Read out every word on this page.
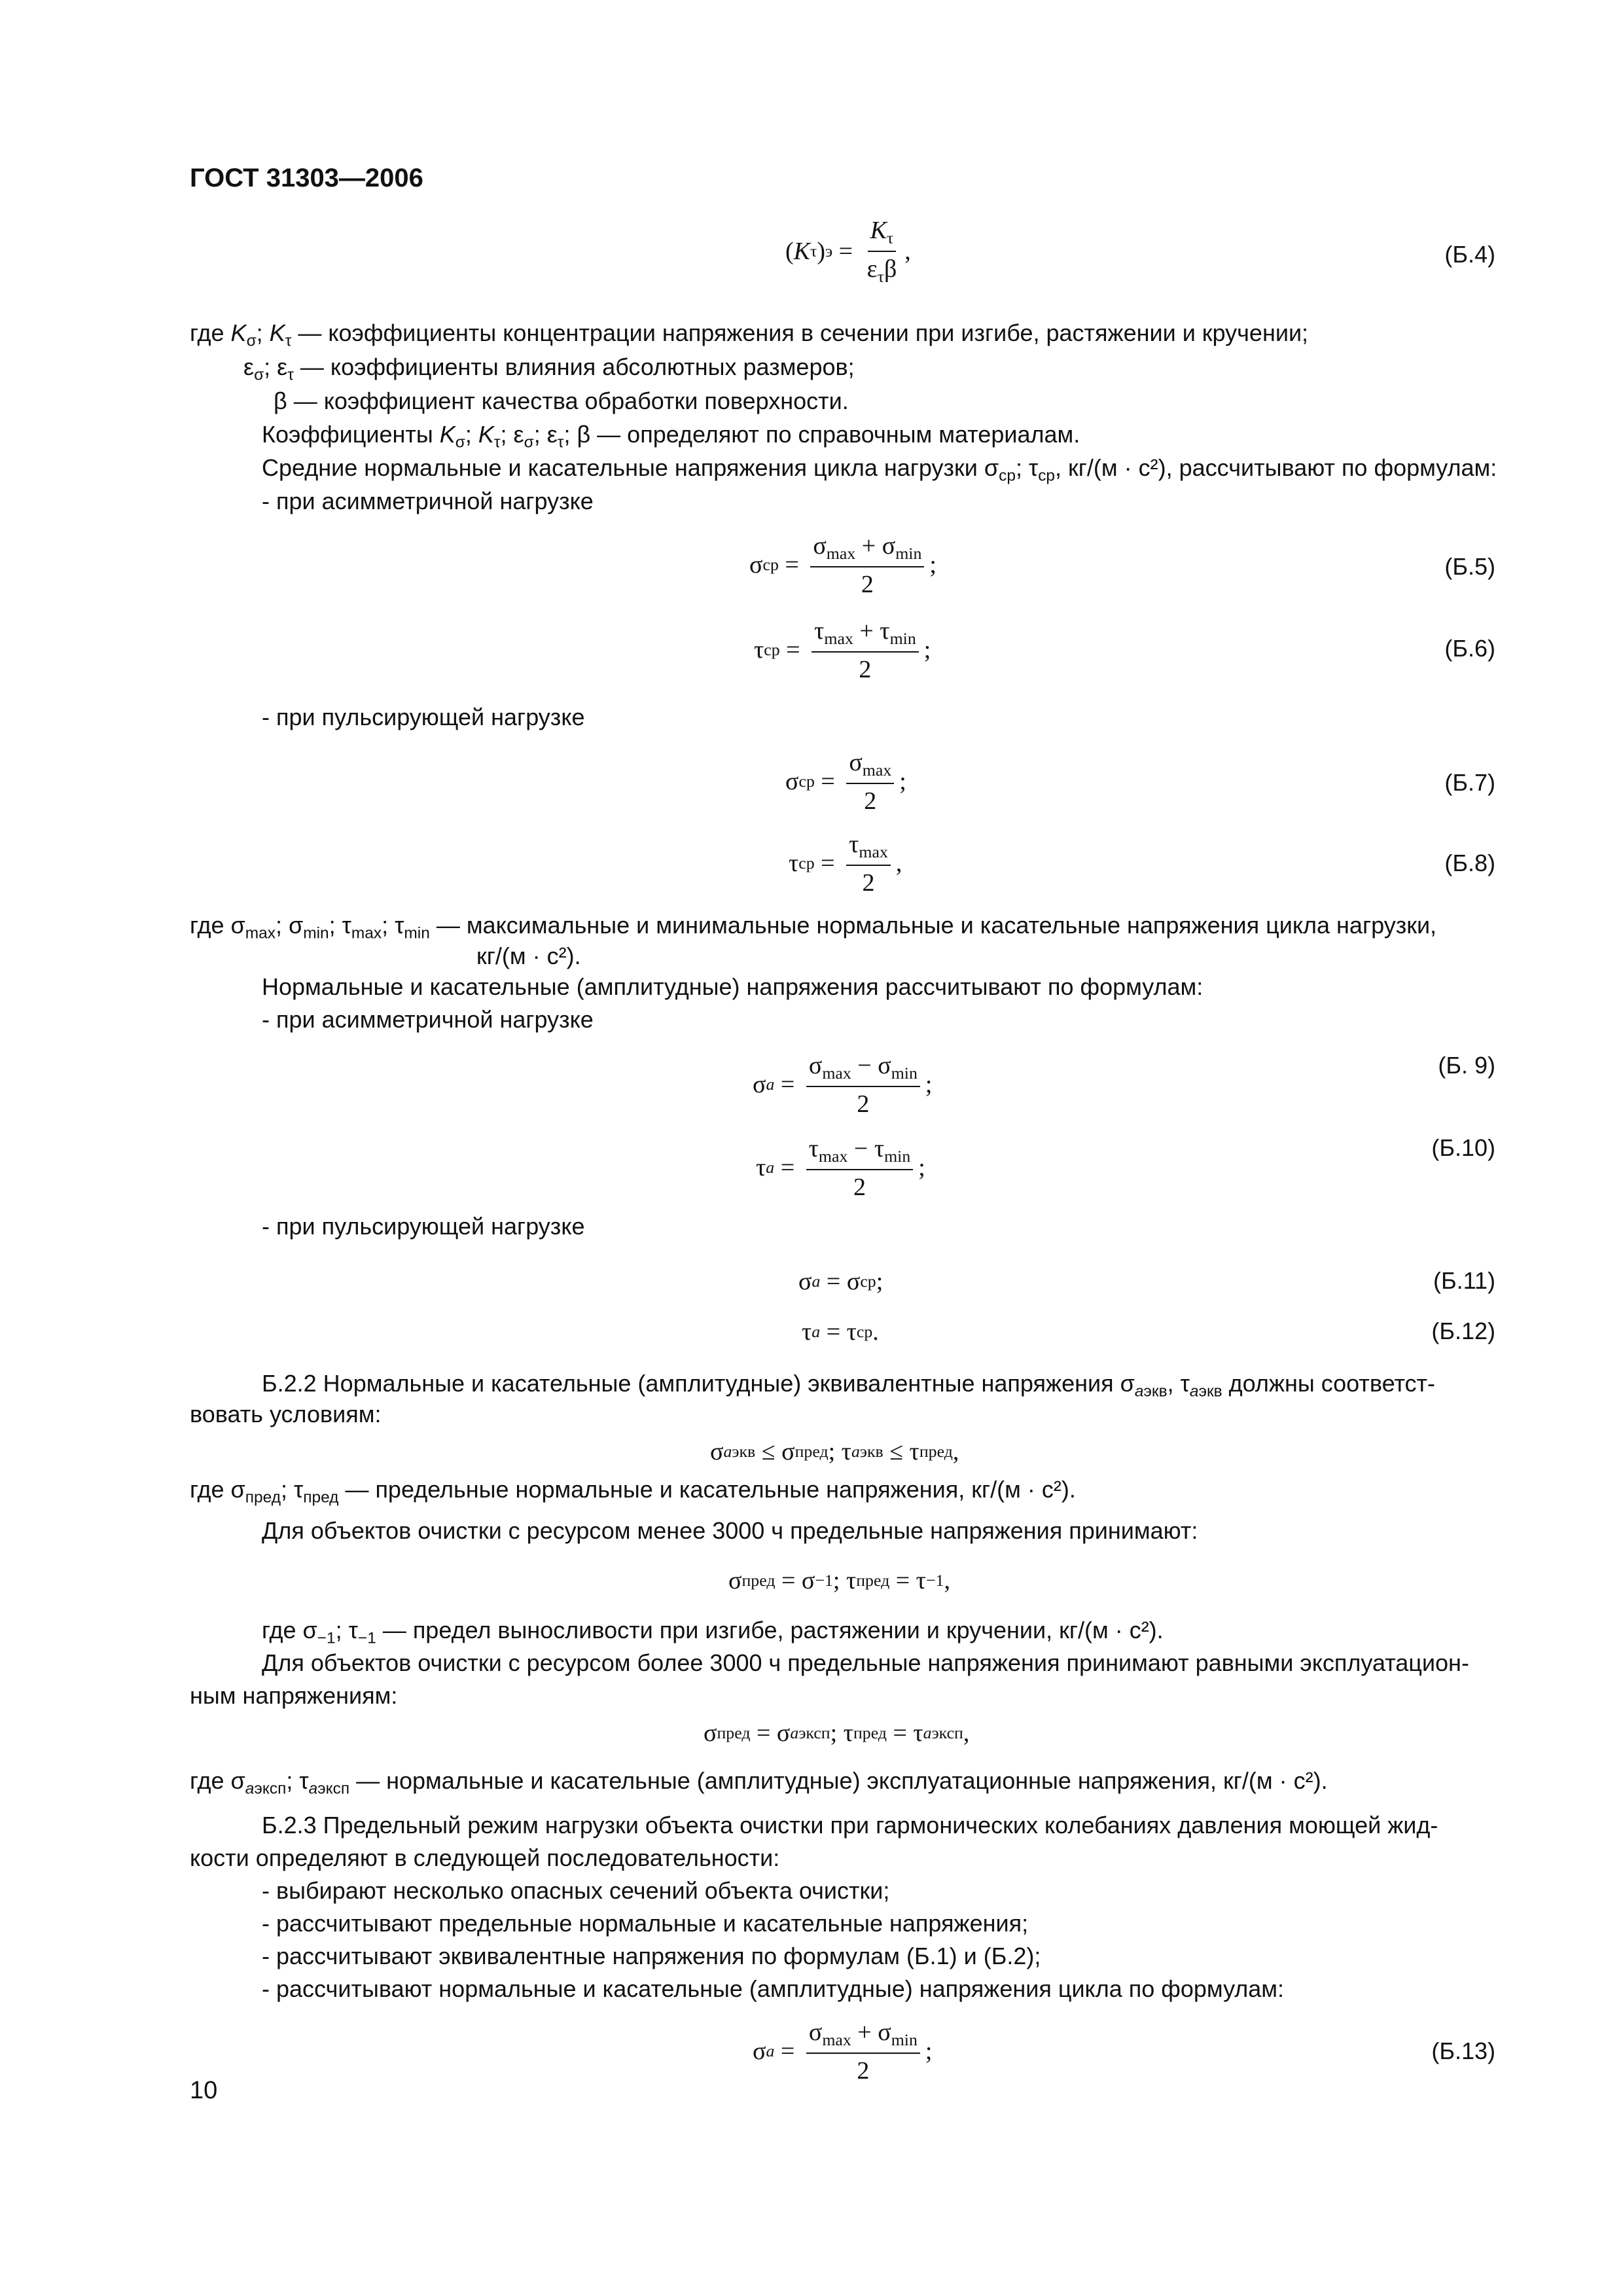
ГОСТ 31303—2006
( K τ ) $э = \frac{K_\tau}{\varepsilon_\tau\beta}$ ,	(Б.4)
где $K_\sigma$; $K_\tau$ — коэффициенты концентрации напряжения в сечении при изгибе, растяжении и кручении;
$\varepsilon_\sigma$; $\varepsilon_\tau$ — коэффициенты влияния абсолютных размеров;
β — коэффициент качества обработки поверхности.
Коэффициенты $K_\sigma$; $K_\tau$; $\varepsilon_\sigma$; $\varepsilon_\tau$; β — определяют по справочным материалам.
Средние нормальные и касательные напряжения цикла нагрузки $\sigma_{ср}$; $\tau_{ср}$, кг/(м · с²), рассчитывают по формулам:
- при асимметричной нагрузке
σ ср = $\frac{\sigma_{max} + \sigma_{min}}{2}$ ;	(Б.5)
τ ср = $\frac{\tau_{max} + \tau_{min}}{2}$ ;	(Б.6)
- при пульсирующей нагрузке
σ ср = $\frac{\sigma_{max}}{2}$ ;	(Б.7)
τ ср = $\frac{\tau_{max}}{2}$ ,	(Б.8)
где $\sigma_{max}$; $\sigma_{min}$; $\tau_{max}$; $\tau_{min}$ — максимальные и минимальные нормальные и касательные напряжения цикла нагрузки,
кг/(м · с²).
Нормальные и касательные (амплитудные) напряжения рассчитывают по формулам:
- при асимметричной нагрузке
σ $a = \frac{\sigma_{max} - \sigma_{min}}{2}$ ;
(Б. 9)
τ $a = \frac{\tau_{max} - \tau_{min}}{2}$ ;
(Б.10)
- при пульсирующей нагрузке
σ a = σ ср ;	(Б.11)
τ a = τ ср .	(Б.12)
Б.2.2 Нормальные и касательные (амплитудные) эквивалентные напряжения $\sigma_{aэкв}$, $\tau_{aэкв}$ должны соответст-
вовать условиям:
σ aэкв ≤ σ пред ; τ aэкв ≤ τ пред ,
где $\sigma_{пред}$; $\tau_{пред}$ — предельные нормальные и касательные напряжения, кг/(м · с²).
Для объектов очистки с ресурсом менее 3000 ч предельные напряжения принимают:
σ пред = σ −1 ; τ пред = τ −1 ,
где $\sigma_{-1}$; $\tau_{-1}$ — предел выносливости при изгибе, растяжении и кручении, кг/(м · с²).
Для объектов очистки с ресурсом более 3000 ч предельные напряжения принимают равными эксплуатацион-
ным напряжениям:
σ пред = σ aэксп ; τ пред = τ aэксп ,
где $\sigma_{aэксп}$; $\tau_{aэксп}$ — нормальные и касательные (амплитудные) эксплуатационные напряжения, кг/(м · с²).
Б.2.3 Предельный режим нагрузки объекта очистки при гармонических колебаниях давления моющей жид-
кости определяют в следующей последовательности:
- выбирают несколько опасных сечений объекта очистки;
- рассчитывают предельные нормальные и касательные напряжения;
- рассчитывают эквивалентные напряжения по формулам (Б.1) и (Б.2);
- рассчитывают нормальные и касательные (амплитудные) напряжения цикла по формулам:
σ $a = \frac{\sigma_{max} + \sigma_{min}}{2}$ ;	(Б.13)
10
